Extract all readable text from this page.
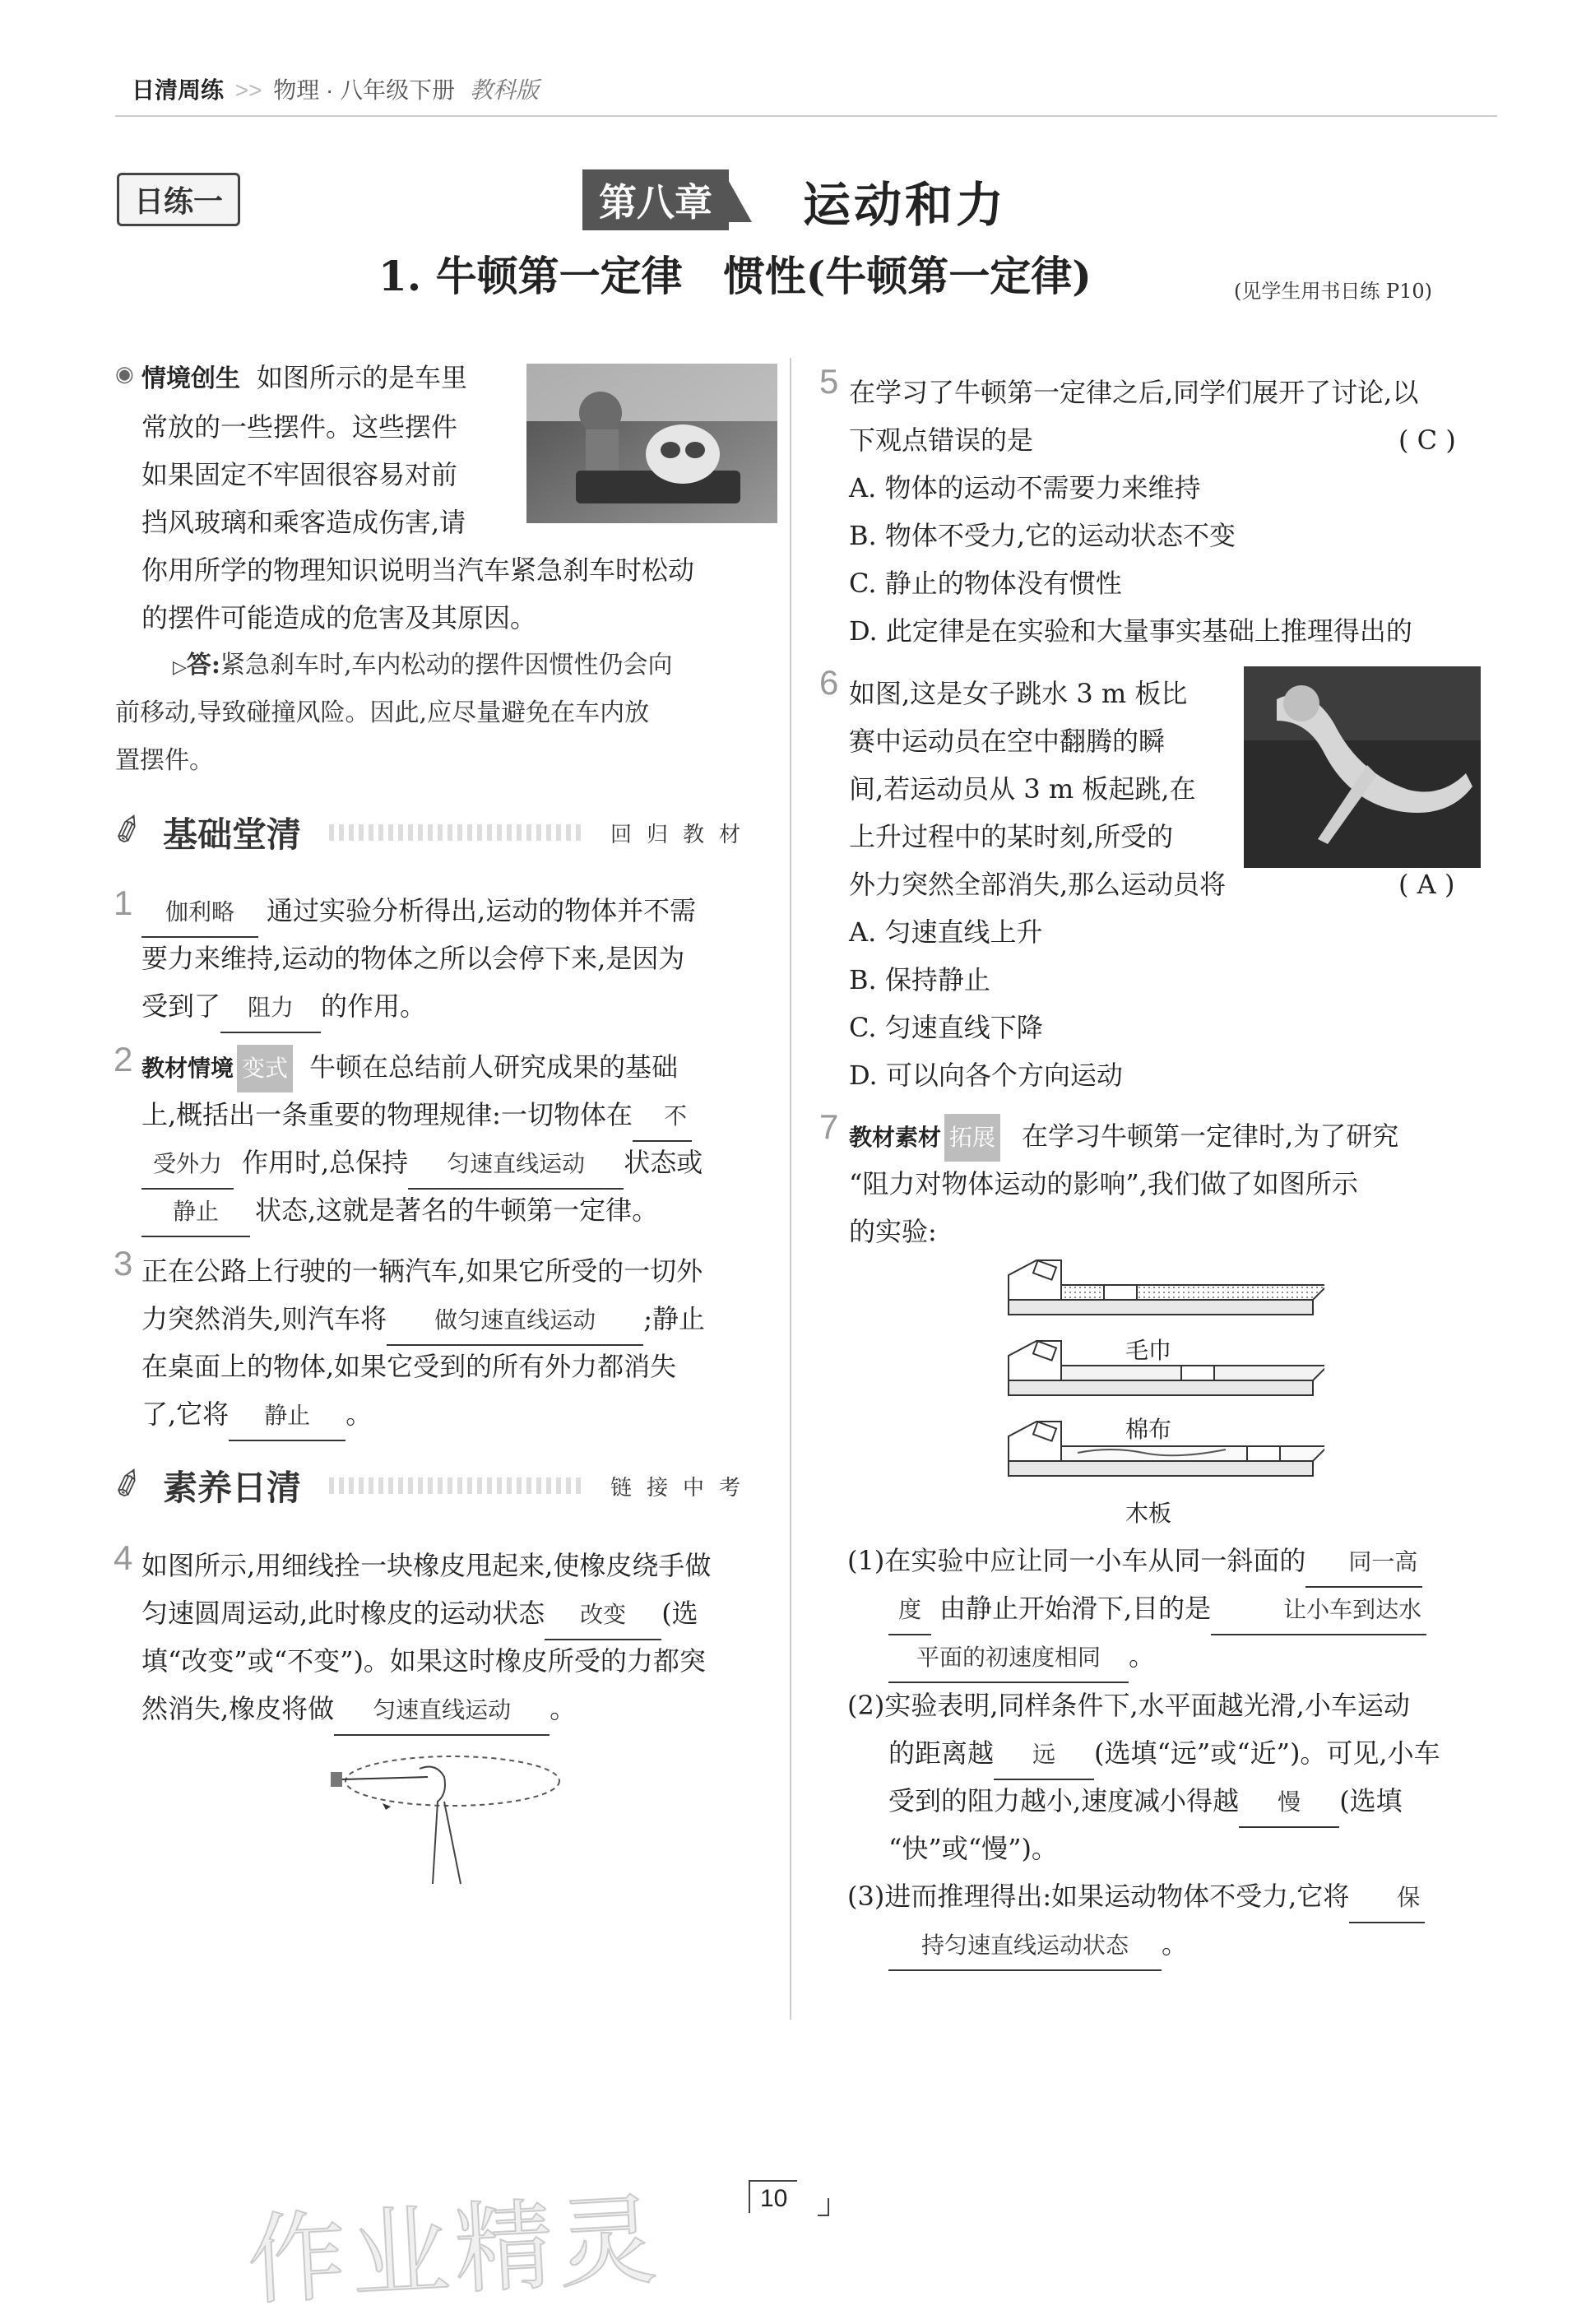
日清周练 >> 物理 · 八年级下册 教科版
日练一	第八章	运动和力
1. 牛顿第一定律　惯性(牛顿第一定律)	(见学生用书日练 P10)
◉ 情境创生 如图所示的是车里
常放的一些摆件。这些摆件
如果固定不牢固很容易对前
挡风玻璃和乘客造成伤害,请
你用所学的物理知识说明当汽车紧急刹车时松动
的摆件可能造成的危害及其原因。
▷答:紧急刹车时,车内松动的摆件因惯性仍会向
前移动,导致碰撞风险。因此,应尽量避免在车内放
置摆件。
✐ 基础堂清	回归教材
1	伽利略 通过实验分析得出,运动的物体并不需
要力来维持,运动的物体之所以会停下来,是因为
受到了 阻力 的作用。
2 教材情境 变式 牛顿在总结前人研究成果的基础
上,概括出一条重要的物理规律:一切物体在 不
受外力 作用时,总保持 匀速直线运动 状态或
静止 状态,这就是著名的牛顿第一定律。
3 正在公路上行驶的一辆汽车,如果它所受的一切外
力突然消失,则汽车将 做匀速直线运动 ;静止
在桌面上的物体,如果它受到的所有外力都消失
了,它将 静止 。
✐ 素养日清	链接中考
4 如图所示,用细线拴一块橡皮甩起来,使橡皮绕手做
匀速圆周运动,此时橡皮的运动状态 改变 (选
填“改变”或“不变”)。如果这时橡皮所受的力都突
然消失,橡皮将做 匀速直线运动 。
5 在学习了牛顿第一定律之后,同学们展开了讨论,以
下观点错误的是	( C )
A. 物体的运动不需要力来维持
B. 物体不受力,它的运动状态不变
C. 静止的物体没有惯性
D. 此定律是在实验和大量事实基础上推理得出的
6 如图,这是女子跳水 3 m 板比
赛中运动员在空中翻腾的瞬
间,若运动员从 3 m 板起跳,在
上升过程中的某时刻,所受的
外力突然全部消失,那么运动员将	( A )
A. 匀速直线上升
B. 保持静止
C. 匀速直线下降
D. 可以向各个方向运动
7 教材素材 拓展 在学习牛顿第一定律时,为了研究
“阻力对物体运动的影响”,我们做了如图所示
的实验:
毛巾
棉布
木板
(1)在实验中应让同一小车从同一斜面的 同一高
度 由静止开始滑下,目的是	让小车到达水
平面的初速度相同 。
(2)实验表明,同样条件下,水平面越光滑,小车运动
的距离越 远 (选填“远”或“近”)。可见,小车
受到的阻力越小,速度减小得越 慢 (选填
“快”或“慢”)。
(3)进而推理得出:如果运动物体不受力,它将 保
持匀速直线运动状态 。
作业精灵	10
